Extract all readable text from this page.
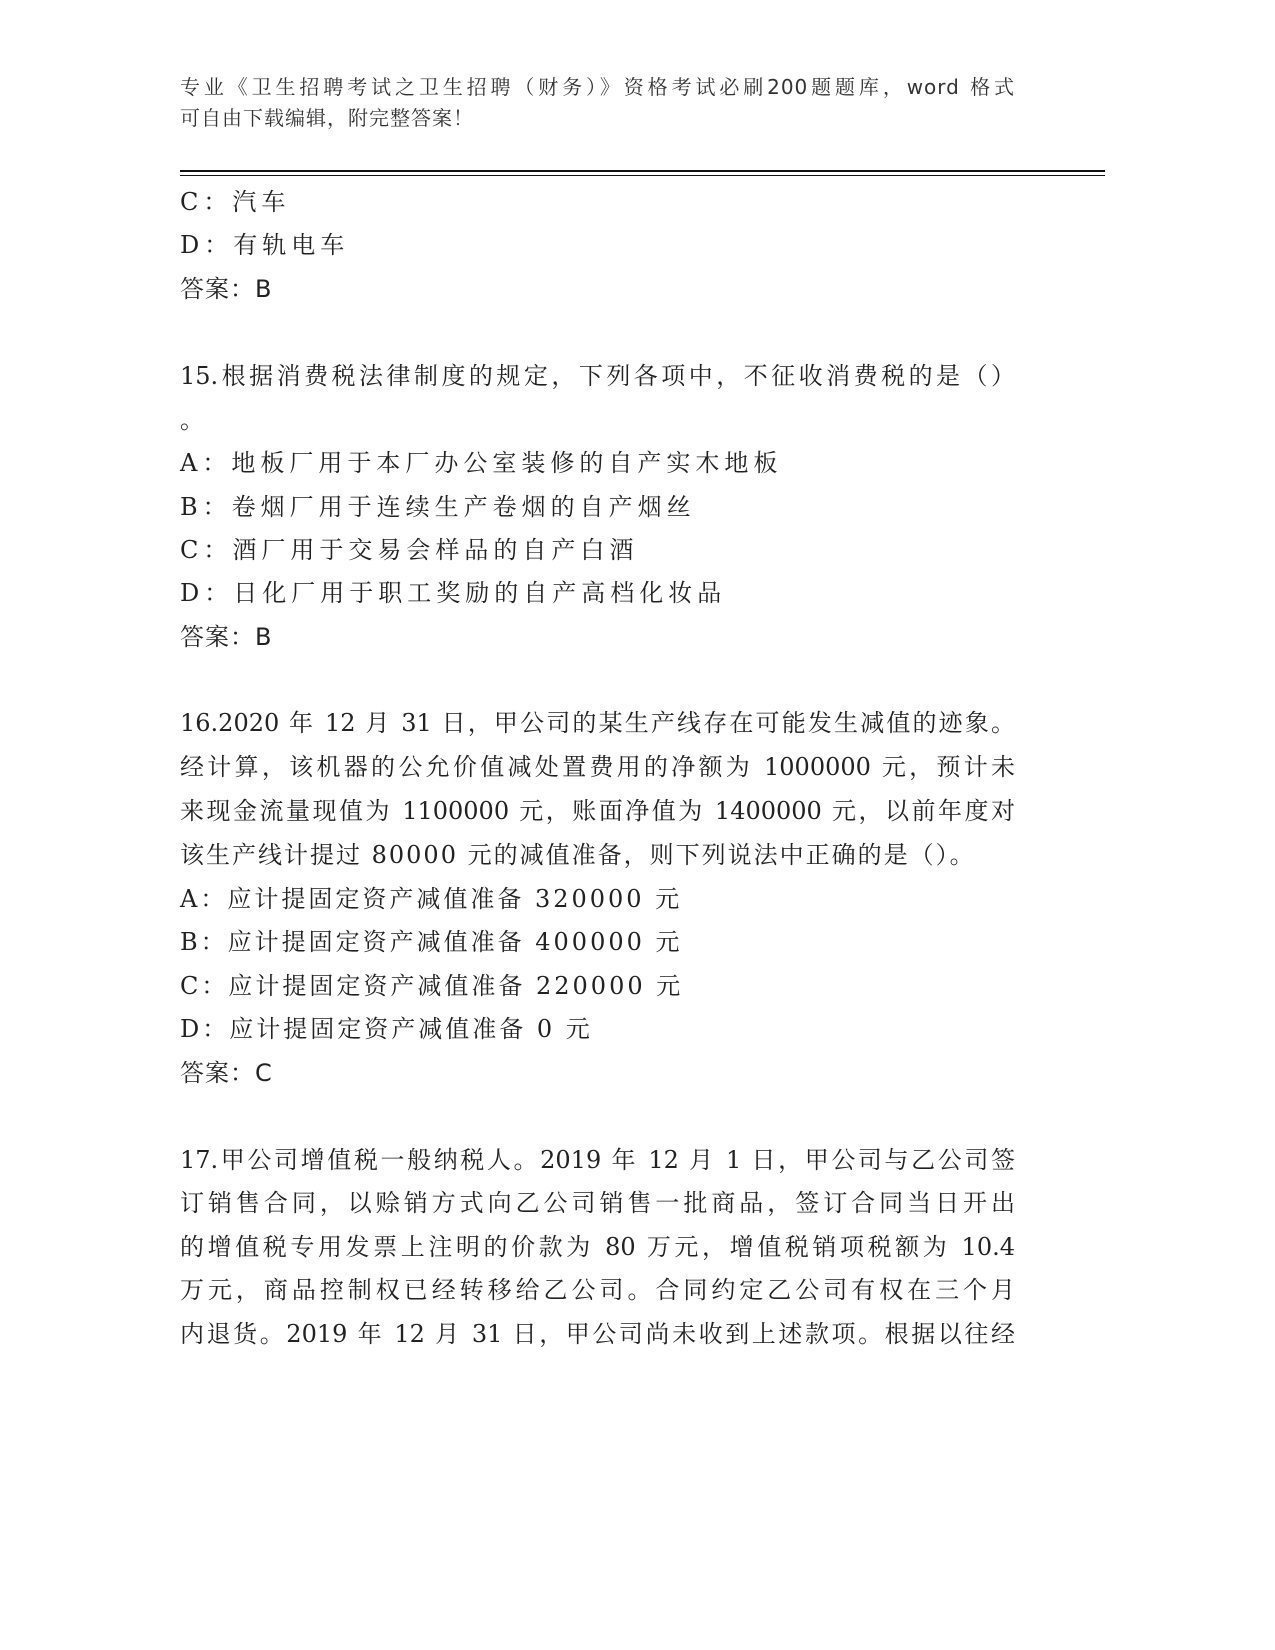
专业《卫生招聘考试之卫生招聘（财务）》资格考试必刷200题题库，word 格式
可自由下载编辑，附完整答案！
C：汽车
D：有轨电车
答案：B
15.根据消费税法律制度的规定，下列各项中，不征收消费税的是（）
。
A：地板厂用于本厂办公室装修的自产实木地板
B：卷烟厂用于连续生产卷烟的自产烟丝
C：酒厂用于交易会样品的自产白酒
D：日化厂用于职工奖励的自产高档化妆品
答案：B
16.2020 年 12 月 31 日，甲公司的某生产线存在可能发生减值的迹象。
经计算，该机器的公允价值减处置费用的净额为 1000000 元，预计未
来现金流量现值为 1100000 元，账面净值为 1400000 元，以前年度对
该生产线计提过 80000 元的减值准备，则下列说法中正确的是（）。
A：应计提固定资产减值准备 320000 元
B：应计提固定资产减值准备 400000 元
C：应计提固定资产减值准备 220000 元
D：应计提固定资产减值准备 0 元
答案：C
17.甲公司增值税一般纳税人。2019 年 12 月 1 日，甲公司与乙公司签
订销售合同，以赊销方式向乙公司销售一批商品，签订合同当日开出
的增值税专用发票上注明的价款为 80 万元，增值税销项税额为 10.4
万元，商品控制权已经转移给乙公司。合同约定乙公司有权在三个月
内退货。2019 年 12 月 31 日，甲公司尚未收到上述款项。根据以往经
